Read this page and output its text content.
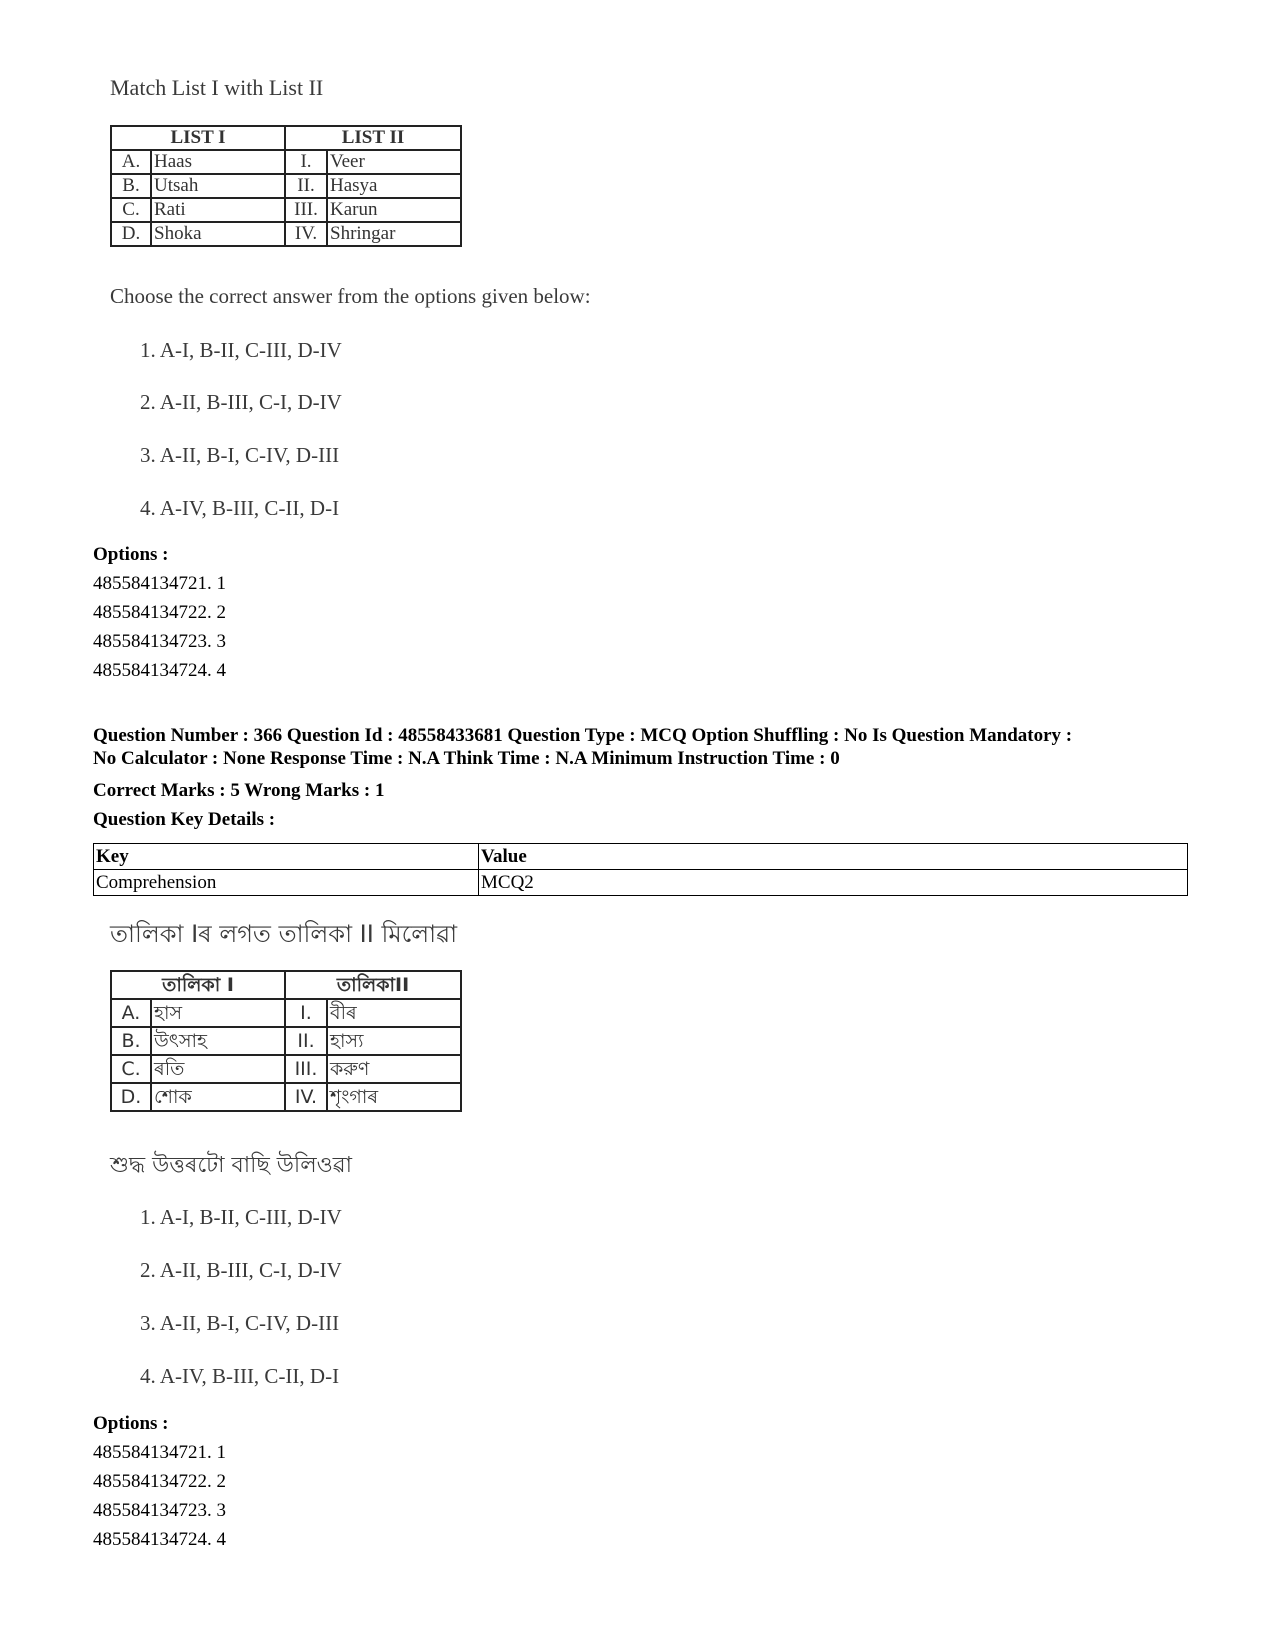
Match List I with List II
LIST I		LIST II	
A.	Haas	I.	Veer
B.	Utsah	II.	Hasya
C.	Rati	III.	Karun
D.	Shoka	IV.	Shringar
Choose the correct answer from the options given below:
1. A-I, B-II, C-III, D-IV
2. A-II, B-III, C-I, D-IV
3. A-II, B-I, C-IV, D-III
4. A-IV, B-III, C-II, D-I
Options :
485584134721. 1
485584134722. 2
485584134723. 3
485584134724. 4
Question Number : 366 Question Id : 48558433681 Question Type : MCQ Option Shuffling : No Is Question Mandatory :
No Calculator : None Response Time : N.A Think Time : N.A Minimum Instruction Time : 0
Correct Marks : 5 Wrong Marks : 1
Question Key Details :
Key	Value
Comprehension	MCQ2
তালিকা Iৰ লগত তালিকা II মিলোৱা
তালিকা I		তালিকাII	
A.	হাস	I.	বীৰ
B.	উৎসাহ	II.	হাস্য
C.	ৰতি	III.	করুণ
D.	শোক	IV.	শৃংগাৰ
শুদ্ধ উত্তৰটো বাছি উলিওৱা
1. A-I, B-II, C-III, D-IV
2. A-II, B-III, C-I, D-IV
3. A-II, B-I, C-IV, D-III
4. A-IV, B-III, C-II, D-I
Options :
485584134721. 1
485584134722. 2
485584134723. 3
485584134724. 4
